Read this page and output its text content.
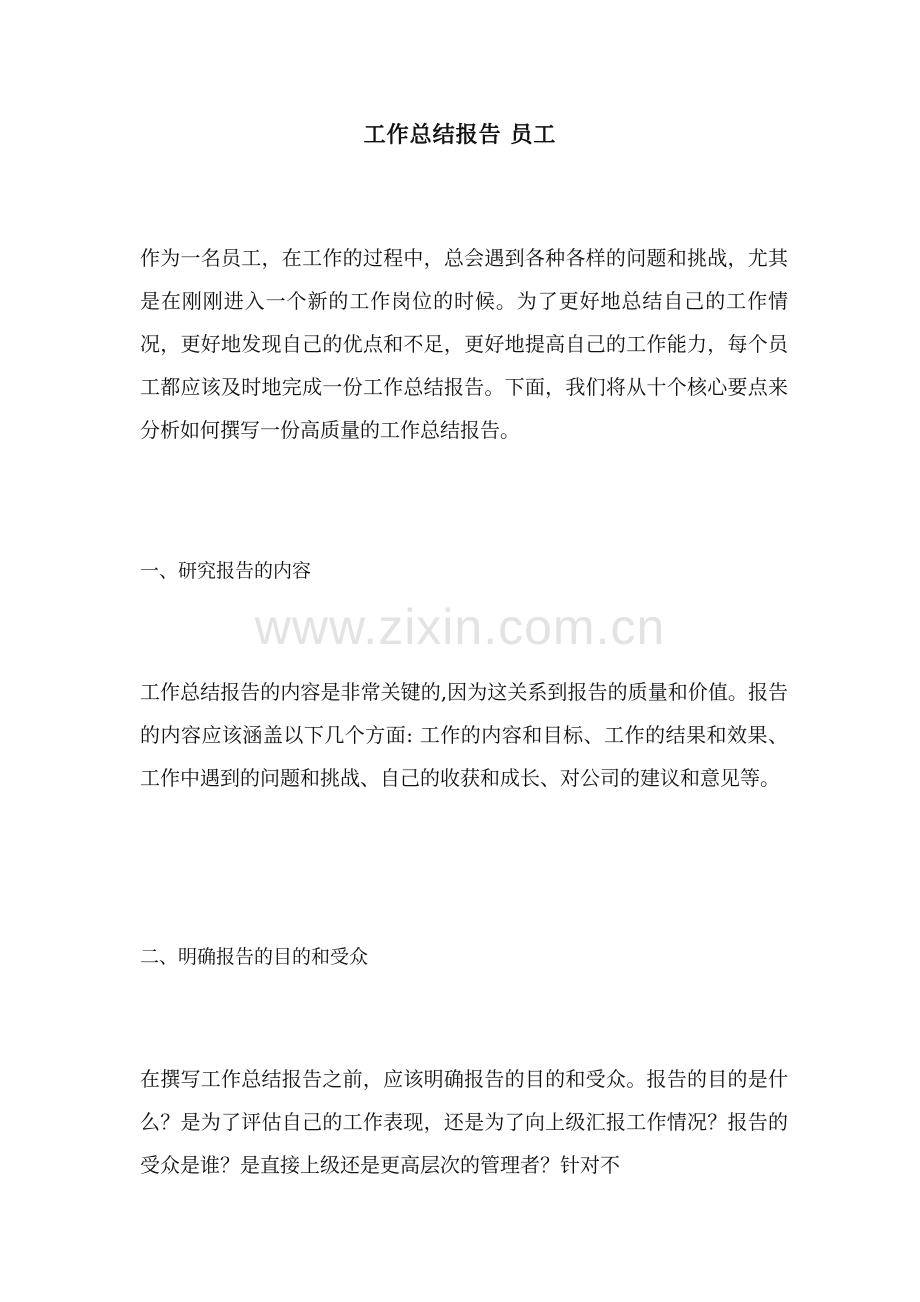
www.zixin.com.cn
工作总结报告 员工

作为一名员工，在工作的过程中，总会遇到各种各样的问题和挑战，尤其是在刚刚进入一个新的工作岗位的时候。为了更好地总结自己的工作情况，更好地发现自己的优点和不足，更好地提高自己的工作能力，每个员工都应该及时地完成一份工作总结报告。下面，我们将从十个核心要点来分析如何撰写一份高质量的工作总结报告。

一、研究报告的内容

工作总结报告的内容是非常关键的,因为这关系到报告的质量和价值。报告的内容应该涵盖以下几个方面: 工作的内容和目标、工作的结果和效果、工作中遇到的问题和挑战、自己的收获和成长、对公司的建议和意见等。

二、明确报告的目的和受众

在撰写工作总结报告之前，应该明确报告的目的和受众。报告的目的是什么？是为了评估自己的工作表现，还是为了向上级汇报工作情况？报告的受众是谁？是直接上级还是更高层次的管理者？针对不
